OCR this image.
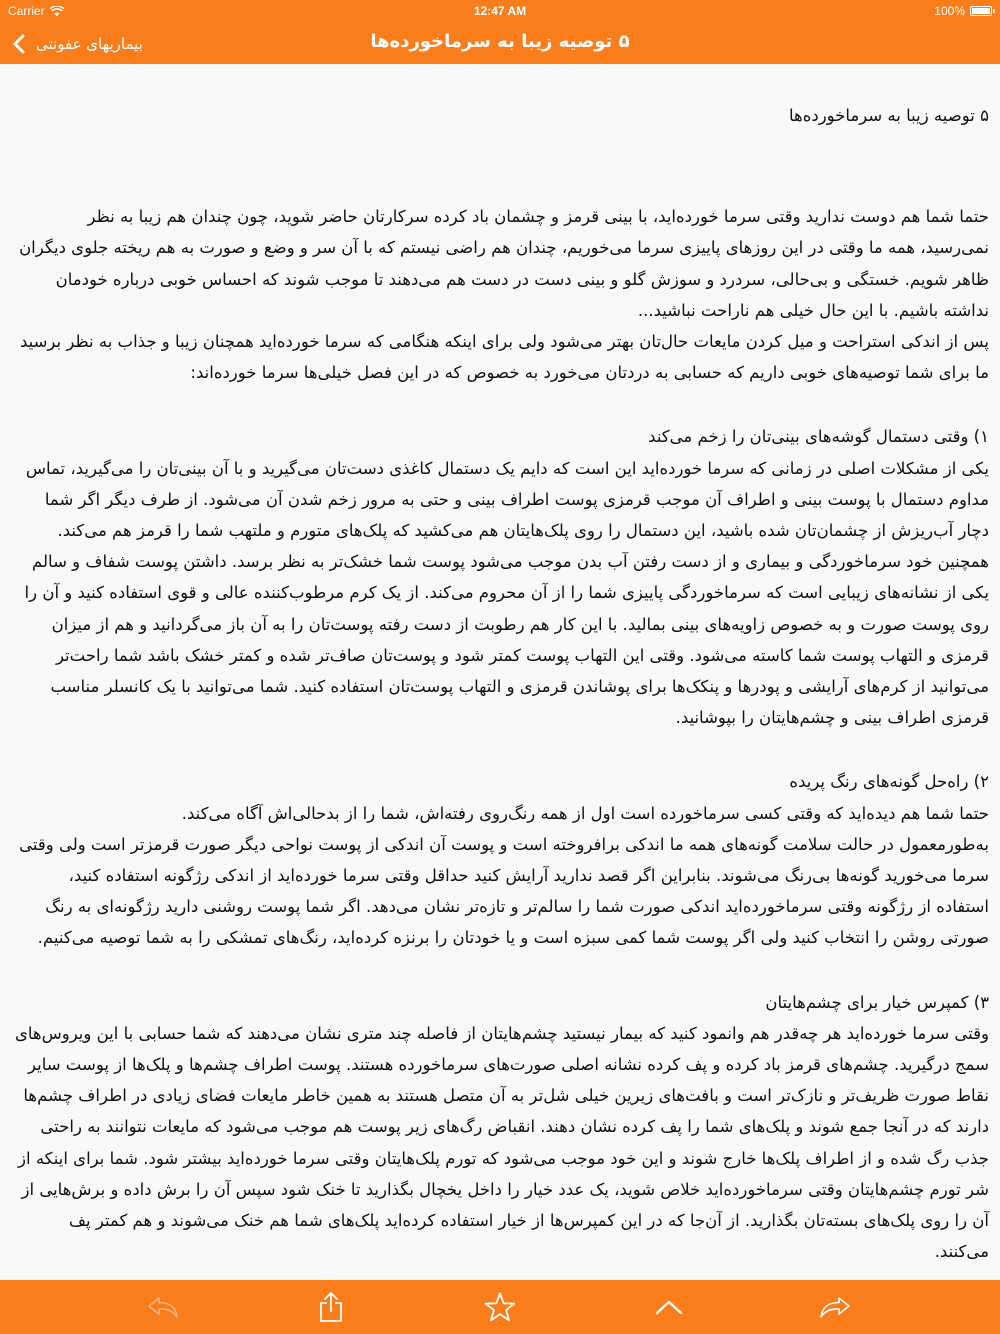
Carrier	12:47 AM	100%
بیماریهای عفونتی	۵ توصیه زیبا به سرماخورده‌ها

۵ توصیه زیبا به سرماخورده‌ها

حتما شما هم دوست ندارید وقتی سرما خورده‌اید، با بینی قرمز و چشمان باد کرده سرکارتان حاضر شوید، چون چندان هم زیبا به نظر نمی‌رسید، همه ما وقتی در این روزهای پاییزی سرما می‌خوریم، چندان هم راضی نیستم که با آن سر و وضع و صورت به هم ریخته جلوی دیگران ظاهر شویم. خستگی و بی‌حالی، سردرد و سوزش گلو و بینی دست در دست هم می‌دهند تا موجب شوند که احساس خوبی درباره خودمان نداشته باشیم. با این حال خیلی هم ناراحت نباشید...
پس از اندکی استراحت و میل کردن مایعات حال‌تان بهتر می‌شود ولی برای اینکه هنگامی که سرما خورده‌اید همچنان زیبا و جذاب به نظر برسید ما برای شما توصیه‌های خوبی داریم که حسابی به دردتان می‌خورد به خصوص که در این فصل خیلی‌ها سرما خورده‌اند:

۱) وقتی دستمال گوشه‌های بینی‌تان را زخم می‌کند

یکی از مشکلات اصلی در زمانی که سرما خورده‌اید این است که دایم یک دستمال کاغذی دست‌تان می‌گیرید و با آن بینی‌تان را می‌گیرید، تماس مداوم دستمال با پوست بینی و اطراف آن موجب قرمزی پوست اطراف بینی و حتی به مرور زخم شدن آن می‌شود. از طرف دیگر اگر شما دچار آب‌ریزش از چشمان‌تان شده باشید، این دستمال را روی پلک‌هایتان هم می‌کشید که پلک‌های متورم و ملتهب شما را قرمز هم می‌کند. همچنین خود سرماخوردگی و بیماری و از دست رفتن آب بدن موجب می‌شود پوست شما خشک‌تر به نظر برسد. داشتن پوست شفاف و سالم یکی از نشانه‌های زیبایی است که سرماخوردگی پاییزی شما را از آن محروم می‌کند. از یک کرم مرطوب‌کننده عالی و قوی استفاده کنید و آن را روی پوست صورت و به خصوص زاویه‌های بینی بمالید. با این کار هم رطوبت از دست رفته پوست‌تان را به آن باز می‌گردانید و هم از میزان قرمزی و التهاب پوست شما کاسته می‌شود. وقتی این التهاب پوست کمتر شود و پوست‌تان صاف‌تر شده و کمتر خشک باشد شما راحت‌تر می‌توانید از کرم‌های آرایشی و پودرها و پنکک‌ها برای پوشاندن قرمزی و التهاب پوست‌تان استفاده کنید. شما می‌توانید با یک کانسلر مناسب قرمزی اطراف بینی و چشم‌هایتان را بپوشانید.

۲) راه‌حل گونه‌های رنگ پریده

حتما شما هم دیده‌اید که وقتی کسی سرماخورده است اول از همه رنگ‌روی رفته‌اش، شما را از بدحالی‌اش آگاه می‌کند.
به‌طورمعمول در حالت سلامت گونه‌های همه ما اندکی برافروخته است و پوست آن اندکی از پوست نواحی دیگر صورت قرمزتر است ولی وقتی سرما می‌خورید گونه‌ها بی‌رنگ می‌شوند. بنابراین اگر قصد ندارید آرایش کنید حداقل وقتی سرما خورده‌اید از اندکی رژگونه استفاده کنید، استفاده از رژگونه وقتی سرماخورده‌اید اندکی صورت شما را سالم‌تر و تازه‌تر نشان می‌دهد. اگر شما پوست روشنی دارید رژگونه‌ای به رنگ صورتی روشن را انتخاب کنید ولی اگر پوست شما کمی سبزه است و یا خودتان را برنزه کرده‌اید، رنگ‌های تمشکی را به شما توصیه می‌کنیم.

۳) کمپرس خیار برای چشم‌هایتان

وقتی سرما خورده‌اید هر چه‌قدر هم وانمود کنید که بیمار نیستید چشم‌هایتان از فاصله چند متری نشان می‌دهند که شما حسابی با این ویروس‌های سمج درگیرید. چشم‌های قرمز باد کرده و پف کرده نشانه اصلی صورت‌های سرماخورده هستند. پوست اطراف چشم‌ها و پلک‌ها از پوست سایر نقاط صورت ظریف‌تر و نازک‌تر است و بافت‌های زیرین خیلی شل‌تر به آن متصل هستند به همین خاطر مایعات فضای زیادی در اطراف چشم‌ها دارند که در آنجا جمع شوند و پلک‌های شما را پف کرده نشان دهند. انقباض رگ‌های زیر پوست هم موجب می‌شود که مایعات نتوانند به راحتی جذب رگ شده و از اطراف پلک‌ها خارج شوند و این خود موجب می‌شود که تورم پلک‌هایتان وقتی سرما خورده‌اید بیشتر شود. شما برای اینکه از شر تورم چشم‌هایتان وقتی سرماخورده‌اید خلاص شوید، یک عدد خیار را داخل یخچال بگذارید تا خنک شود سپس آن را برش داده و برش‌هایی از آن را روی پلک‌های بسته‌تان بگذارید. از آن‌جا که در این کمپرس‌ها از خیار استفاده کرده‌اید پلک‌های شما هم خنک می‌شوند و هم کمتر پف می‌کنند.
